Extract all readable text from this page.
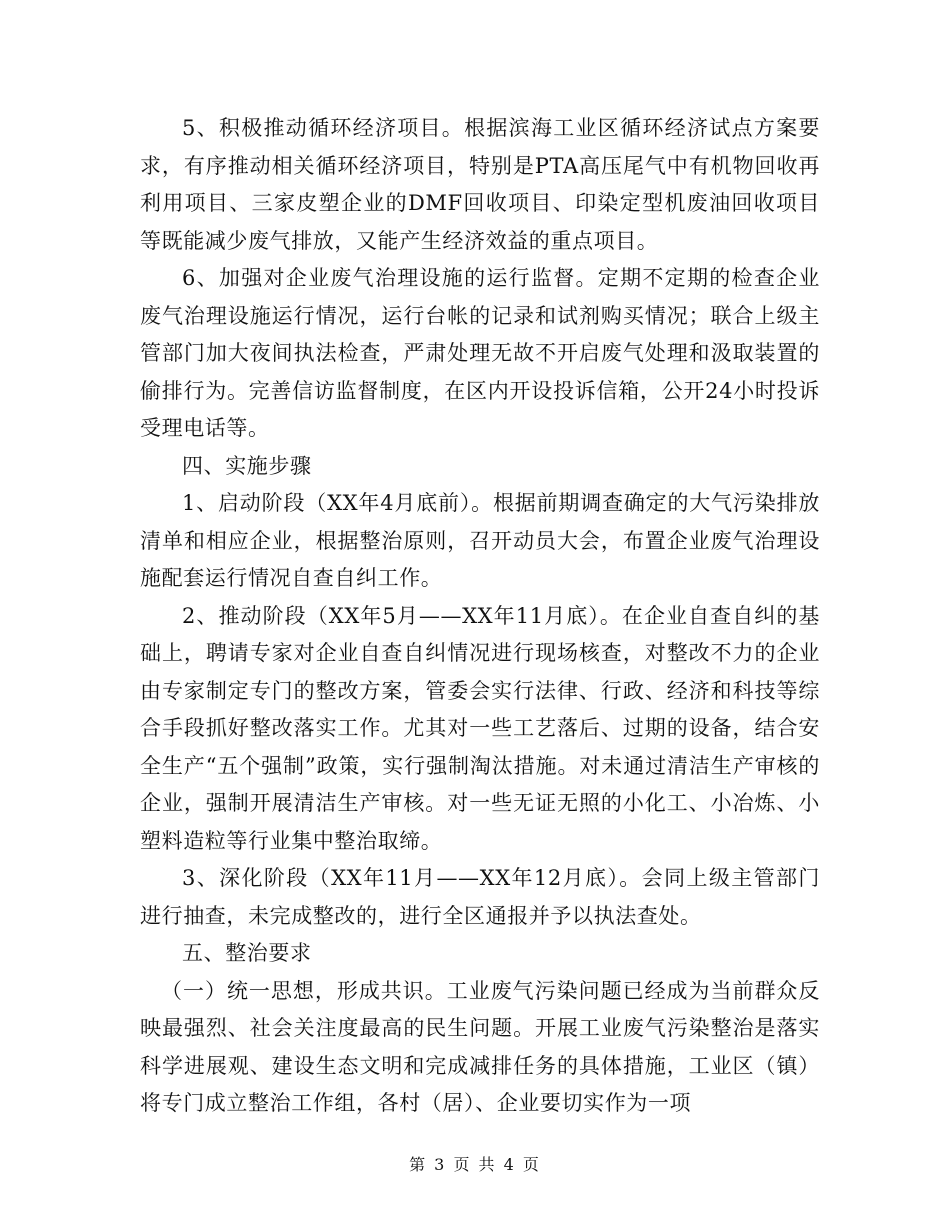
5、积极推动循环经济项目。根据滨海工业区循环经济试点方案要求，有序推动相关循环经济项目，特别是PTA高压尾气中有机物回收再利用项目、三家皮塑企业的DMF回收项目、印染定型机废油回收项目等既能减少废气排放，又能产生经济效益的重点项目。

6、加强对企业废气治理设施的运行监督。定期不定期的检查企业废气治理设施运行情况，运行台帐的记录和试剂购买情况；联合上级主管部门加大夜间执法检查，严肃处理无故不开启废气处理和汲取装置的偷排行为。完善信访监督制度，在区内开设投诉信箱，公开24小时投诉受理电话等。

四、实施步骤

1、启动阶段（XX年4月底前）。根据前期调查确定的大气污染排放清单和相应企业，根据整治原则，召开动员大会，布置企业废气治理设施配套运行情况自查自纠工作。

2、推动阶段（XX年5月——XX年11月底）。在企业自查自纠的基础上，聘请专家对企业自查自纠情况进行现场核查，对整改不力的企业由专家制定专门的整改方案，管委会实行法律、行政、经济和科技等综合手段抓好整改落实工作。尤其对一些工艺落后、过期的设备，结合安全生产“五个强制”政策，实行强制淘汰措施。对未通过清洁生产审核的企业，强制开展清洁生产审核。对一些无证无照的小化工、小冶炼、小塑料造粒等行业集中整治取缔。

3、深化阶段（XX年11月——XX年12月底）。会同上级主管部门进行抽查，未完成整改的，进行全区通报并予以执法查处。

五、整治要求

（一）统一思想，形成共识。工业废气污染问题已经成为当前群众反映最强烈、社会关注度最高的民生问题。开展工业废气污染整治是落实科学进展观、建设生态文明和完成减排任务的具体措施，工业区（镇）将专门成立整治工作组，各村（居）、企业要切实作为一项

第 3 页 共 4 页
